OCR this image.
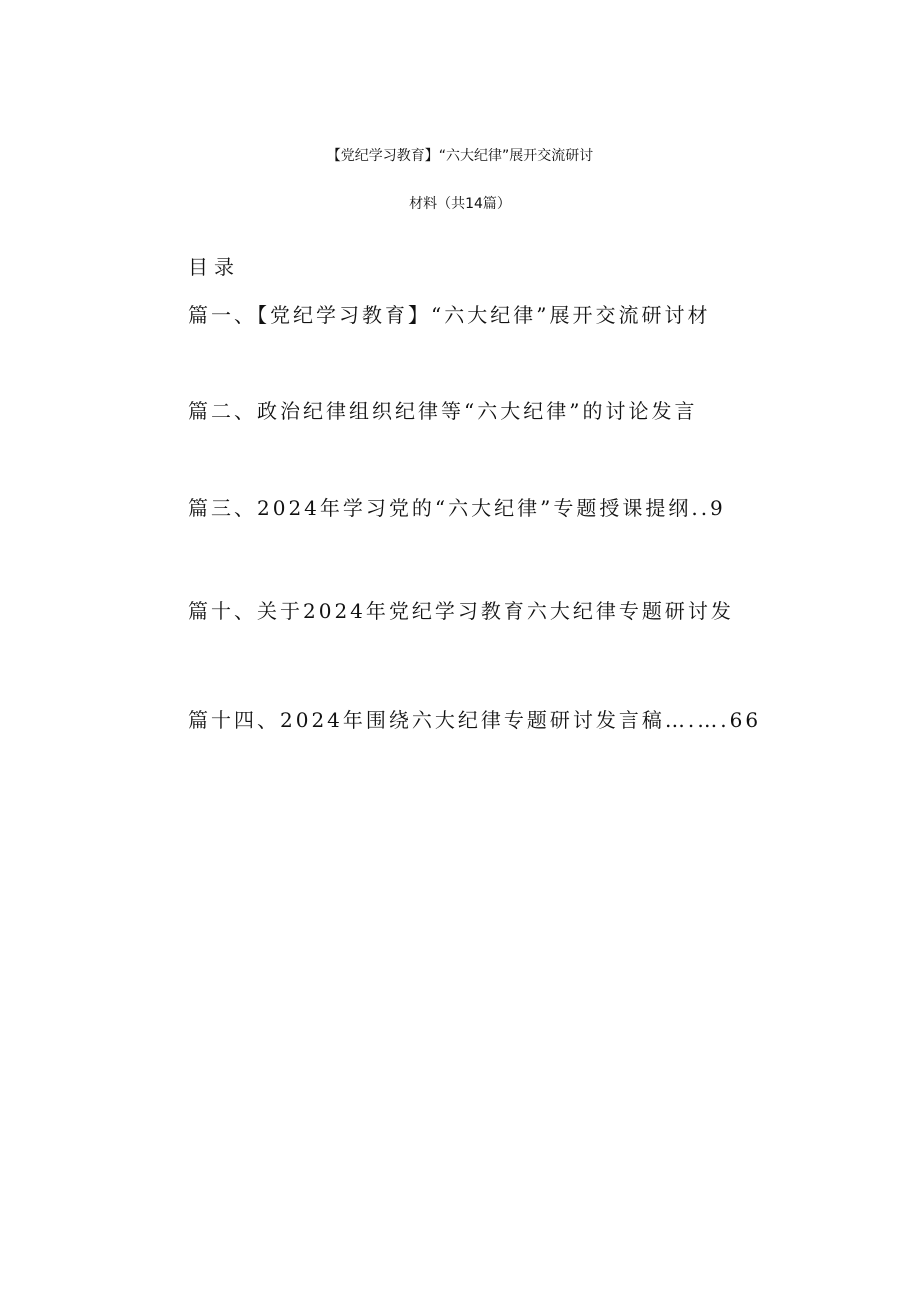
【党纪学习教育】“六大纪律”展开交流研讨
材料（共14篇）
目录
篇一、【党纪学习教育】“六大纪律”展开交流研讨材
篇二、政治纪律组织纪律等“六大纪律”的讨论发言
篇三、2024年学习党的“六大纪律”专题授课提纲..9
篇十、关于2024年党纪学习教育六大纪律专题研讨发
篇十四、2024年围绕六大纪律专题研讨发言稿….….66
